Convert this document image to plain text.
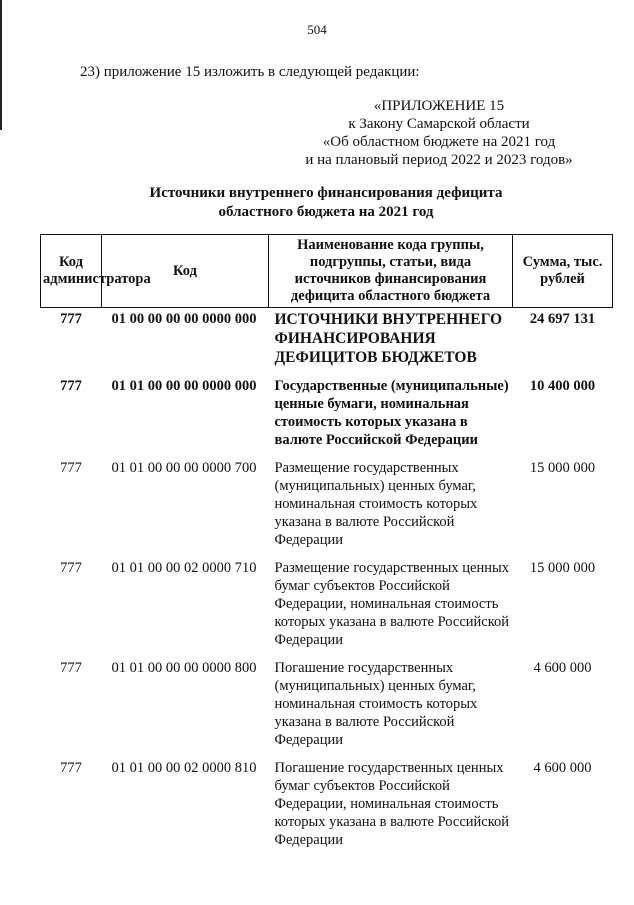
504
23) приложение 15 изложить в следующей редакции:
«ПРИЛОЖЕНИЕ 15
к Закону Самарской области
«Об областном бюджете на 2021 год
и на плановый период 2022 и 2023 годов»
Источники внутреннего финансирования дефицита
областного бюджета на 2021 год
Код администратора	Код	Наименование кода группы, подгруппы, статьи, вида источников финансирования дефицита областного бюджета	Сумма, тыс. рублей
777	01 00 00 00 00 0000 000	ИСТОЧНИКИ ВНУТРЕННЕГО ФИНАНСИРОВАНИЯ ДЕФИЦИТОВ БЮДЖЕТОВ	24 697 131
777	01 01 00 00 00 0000 000	Государственные (муниципальные) ценные бумаги, номинальная стоимость которых указана в валюте Российской Федерации	10 400 000
777	01 01 00 00 00 0000 700	Размещение государственных (муниципальных) ценных бумаг, номинальная стоимость которых указана в валюте Российской Федерации	15 000 000
777	01 01 00 00 02 0000 710	Размещение государственных ценных бумаг субъектов Российской Федерации, номинальная стоимость которых указана в валюте Российской Федерации	15 000 000
777	01 01 00 00 00 0000 800	Погашение государственных (муниципальных) ценных бумаг, номинальная стоимость которых указана в валюте Российской Федерации	4 600 000
777	01 01 00 00 02 0000 810	Погашение государственных ценных бумаг субъектов Российской Федерации, номинальная стоимость которых указана в валюте Российской Федерации	4 600 000
